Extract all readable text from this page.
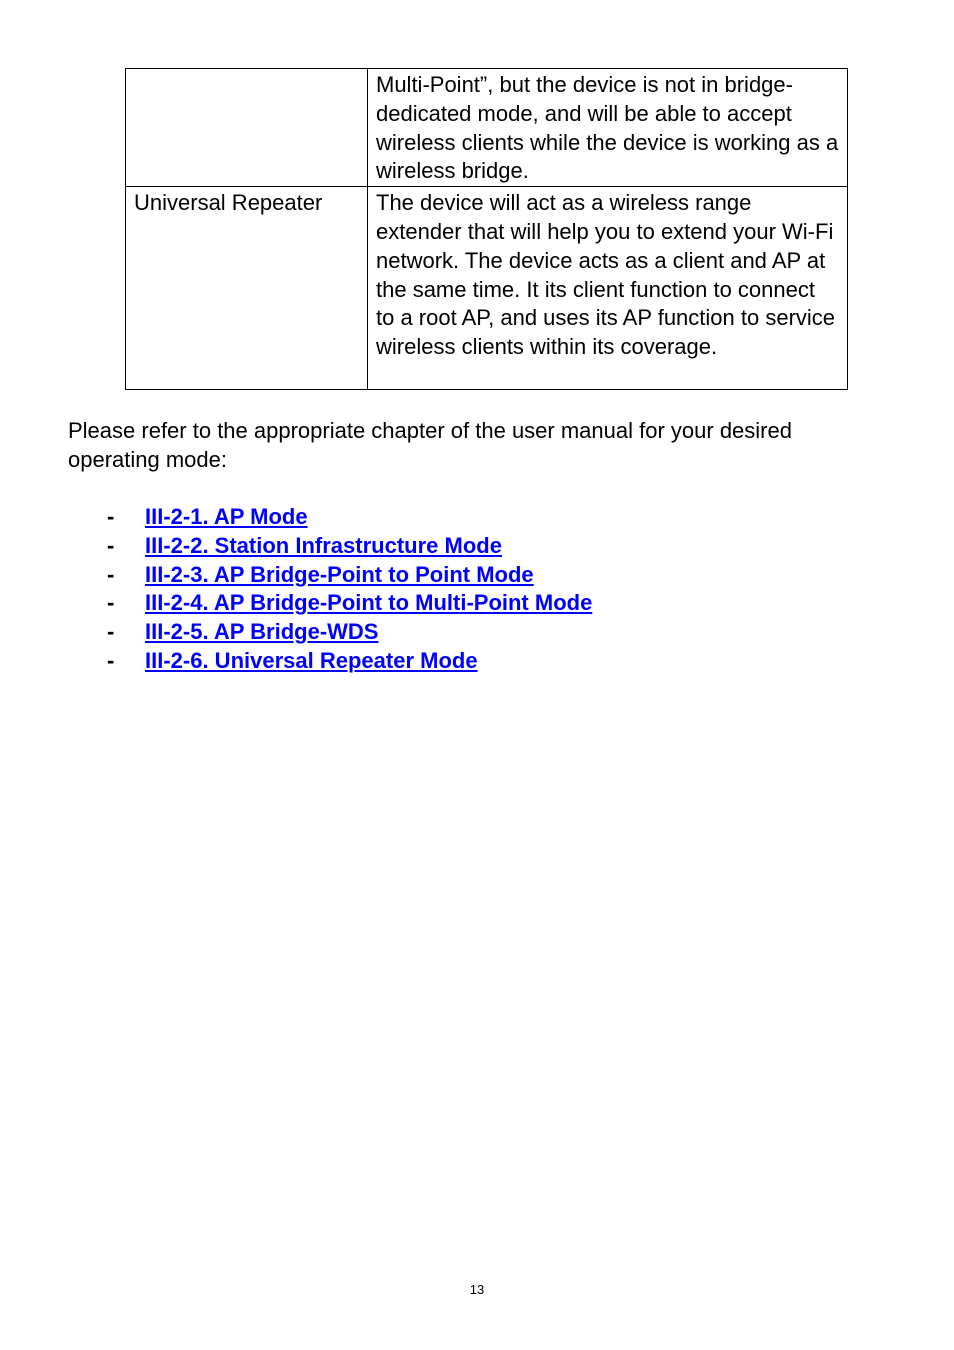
	Multi-Point”, but the device is not in bridge-dedicated mode, and will be able to accept wireless clients while the device is working as a wireless bridge.
Universal Repeater	The device will act as a wireless range extender that will help you to extend your Wi-Fi network. The device acts as a client and AP at the same time. It its client function to connect to a root AP, and uses its AP function to service wireless clients within its coverage.

Please refer to the appropriate chapter of the user manual for your desired operating mode:

- III-2-1. AP Mode
- III-2-2. Station Infrastructure Mode
- III-2-3. AP Bridge-Point to Point Mode
- III-2-4. AP Bridge-Point to Multi-Point Mode
- III-2-5. AP Bridge-WDS
- III-2-6. Universal Repeater Mode
13
